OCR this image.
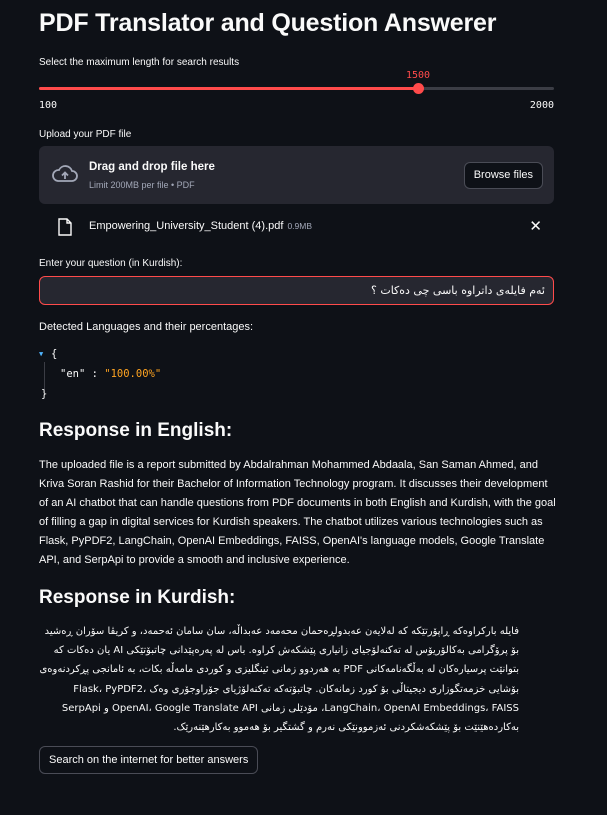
PDF Translator and Question Answerer
Select the maximum length for search results
1500
100	2000
Upload your PDF file
Drag and drop file here
Limit 200MB per file • PDF
Browse files
Empowering_University_Student (4).pdf 0.9MB	✕
Enter your question (in Kurdish):
ئەم فایلەی داتراوە باسی چی دەکات ؟
Detected Languages and their percentages:
▼ {
"en" : "100.00%"
}
Response in English:
The uploaded file is a report submitted by Abdalrahman Mohammed Abdaala, San Saman Ahmed, and Kriva Soran Rashid for their Bachelor of Information Technology program. It discusses their development of an AI chatbot that can handle questions from PDF documents in both English and Kurdish, with the goal of filling a gap in digital services for Kurdish speakers. The chatbot utilizes various technologies such as Flask, PyPDF2, LangChain, OpenAI Embeddings, FAISS, OpenAI's language models, Google Translate API, and SerpApi to provide a smooth and inclusive experience.
Response in Kurdish:
فایلە بارکراوەکە ڕاپۆرتێکە کە لەلایەن عەبدولڕەحمان محەمەد عەبداڵە، سان سامان ئەحمەد، و کریڤا سۆران ڕەشید بۆ پرۆگرامی بەکالۆریۆس لە تەکنەلۆجیای زانیاری پێشکەش کراوە. باس لە پەرەپێدانی چاتبۆتێکی AI یان دەکات کە بتوانێت پرسیارەکان لە بەڵگەنامەکانی PDF بە هەردوو زمانی ئینگلیزی و کوردی مامەڵە بکات، بە ئامانجی پڕکردنەوەی بۆشایی خزمەتگوزاری دیجیتاڵی بۆ کورد زمانەکان. چاتبۆتەکە تەکنەلۆژیای جۆراوجۆری وەک Flask، PyPDF2، LangChain، OpenAI Embeddings، FAISS، مۆدێلی زمانی OpenAI، Google Translate API و SerpApi بەکاردەهێنێت بۆ پێشکەشکردنی ئەزموونێکی نەرم و گشتگیر بۆ هەموو بەکارهێنەرێک.
Search on the internet for better answers
